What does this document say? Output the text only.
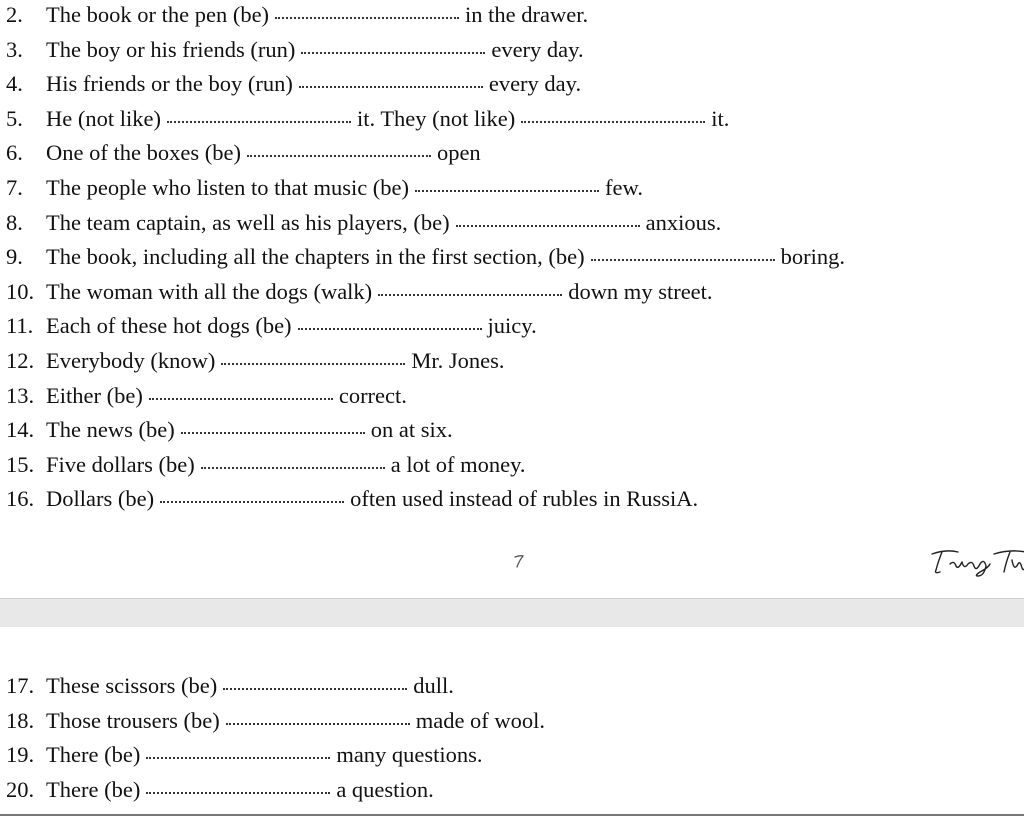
2. The book or the pen (be)	in the drawer.
3. The boy or his friends (run)	every day.
4. His friends or the boy (run)	every day.
5. He (not like)	it. They (not like)	it.
6. One of the boxes (be)	open
7. The people who listen to that music (be)	few.
8. The team captain, as well as his players, (be)	anxious.
9. The book, including all the chapters in the first section, (be)	boring.
10. The woman with all the dogs (walk)	down my street.
11. Each of these hot dogs (be)	juicy.
12. Everybody (know)	Mr. Jones.
13. Either (be)	correct.
14. The news (be)	on at six.
15. Five dollars (be)	a lot of money.
16. Dollars (be)	often used instead of rubles in RussiA.
17. These scissors (be)	dull.
18. Those trousers (be)	made of wool.
19. There (be)	many questions.
20. There (be)	a question.
